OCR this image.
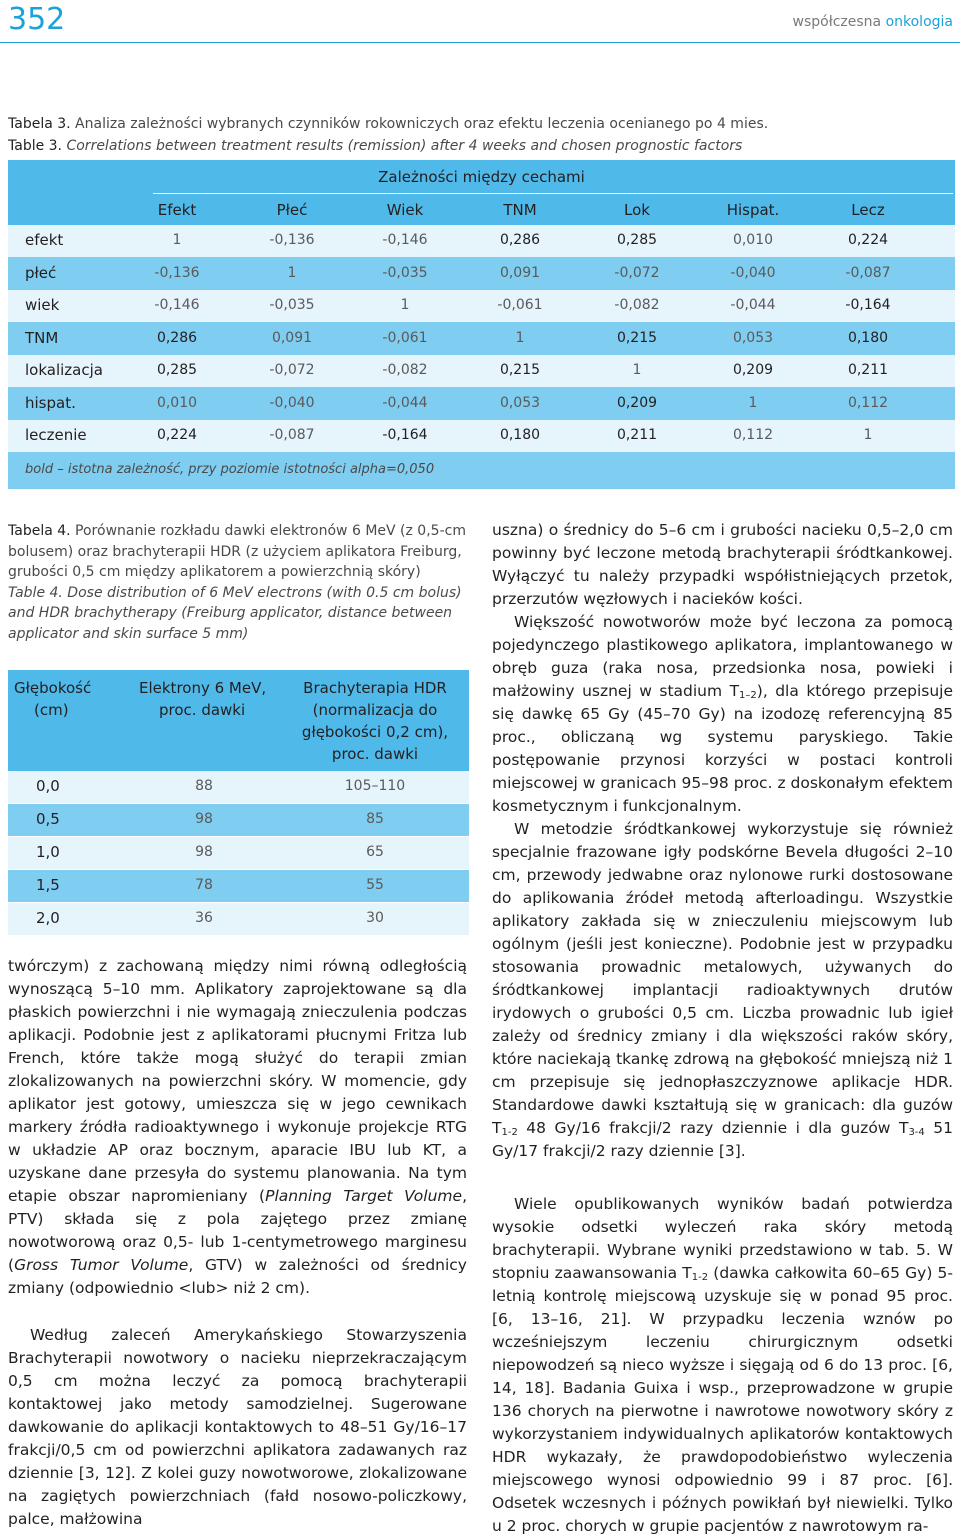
352	współczesna onkologia
Tabela 3. Analiza zależności wybranych czynników rokowniczych oraz efektu leczenia ocenianego po 4 mies.
Table 3. Correlations between treatment results (remission) after 4 weeks and chosen prognostic factors
Zależności między cechami
Efekt	Płeć	Wiek	TNM	Lok	Hispat.	Lecz
efekt	1	-0,136	-0,146	0,286	0,285	0,010	0,224
płeć	-0,136	1	-0,035	0,091	-0,072	-0,040	-0,087
wiek	-0,146	-0,035	1	-0,061	-0,082	-0,044	-0,164
TNM	0,286	0,091	-0,061	1	0,215	0,053	0,180
lokalizacja	0,285	-0,072	-0,082	0,215	1	0,209	0,211
hispat.	0,010	-0,040	-0,044	0,053	0,209	1	0,112
leczenie	0,224	-0,087	-0,164	0,180	0,211	0,112	1
bold – istotna zależność, przy poziomie istotności alpha=0,050
Tabela 4. Porównanie rozkładu dawki elektronów 6 MeV (z 0,5-cm bolusem) oraz brachyterapii HDR (z użyciem aplikatora Freiburg, grubości 0,5 cm między aplikatorem a powierzchnią skóry)
Table 4. Dose distribution of 6 MeV electrons (with 0.5 cm bolus) and HDR brachytherapy (Freiburg applicator, distance between applicator and skin surface 5 mm)
Głębokość
(cm)
Elektrony 6 MeV,
proc. dawki
Brachyterapia HDR
(normalizacja do
głębokości 0,2 cm),
proc. dawki
0,0	88	105–110
0,5	98	85
1,0	98	65
1,5	78	55
2,0	36	30

twórczym) z zachowaną między nimi równą odległością wynoszącą 5–10 mm. Aplikatory zaprojektowane są dla płaskich powierzchni i nie wymagają znieczulenia podczas aplikacji. Podobnie jest z aplikatorami płucnymi Fritza lub French, które także mogą służyć do terapii zmian zlokalizowanych na powierzchni skóry. W momencie, gdy aplikator jest gotowy, umieszcza się w jego cewnikach markery źródła radioaktywnego i wykonuje projekcje RTG w układzie AP oraz bocznym, aparacie IBU lub KT, a uzyskane dane przesyła do systemu planowania. Na tym etapie obszar napromieniany (Planning Target Volume, PTV) składa się z pola zajętego przez zmianę nowotworową oraz 0,5- lub 1-centymetrowego marginesu (Gross Tumor Volume, GTV) w zależności od średnicy zmiany (odpowiednio <lub> niż 2 cm).

Według zaleceń Amerykańskiego Stowarzyszenia Brachyterapii nowotwory o nacieku nieprzekraczającym 0,5 cm można leczyć za pomocą brachyterapii kontaktowej jako metody samodzielnej. Sugerowane dawkowanie do aplikacji kontaktowych to 48–51 Gy/16–17 frakcji/0,5 cm od powierzchni aplikatora zadawanych raz dziennie [3, 12]. Z kolei guzy nowotworowe, zlokalizowane na zagiętych powierzchniach (fałd nosowo-policzkowy, palce, małżowina

uszna) o średnicy do 5–6 cm i grubości nacieku 0,5–2,0 cm powinny być leczone metodą brachyterapii śródtkankowej. Wyłączyć tu należy przypadki współistniejących przetok, przerzutów węzłowych i nacieków kości.

Większość nowotworów może być leczona za pomocą pojedynczego plastikowego aplikatora, implantowanego w obręb guza (raka nosa, przedsionka nosa, powieki i małżowiny usznej w stadium $T_{1-2}$), dla którego przepisuje się dawkę 65 Gy (45–70 Gy) na izodozę referencyjną 85 proc., obliczaną wg systemu paryskiego. Takie postępowanie przynosi korzyści w postaci kontroli miejscowej w granicach 95–98 proc. z doskonałym efektem kosmetycznym i funkcjonalnym.

W metodzie śródtkankowej wykorzystuje się również specjalnie frazowane igły podskórne Bevela długości 2–10 cm, przewody jedwabne oraz nylonowe rurki dostosowane do aplikowania źródeł metodą afterloadingu. Wszystkie aplikatory zakłada się w znieczuleniu miejscowym lub ogólnym (jeśli jest konieczne). Podobnie jest w przypadku stosowania prowadnic metalowych, używanych do śródtkankowej implantacji radioaktywnych drutów irydowych o grubości 0,5 cm. Liczba prowadnic lub igieł zależy od średnicy zmiany i dla większości raków skóry, które naciekają tkankę zdrową na głębokość mniejszą niż 1 cm przepisuje się jednopłaszczyznowe aplikacje HDR. Standardowe dawki kształtują się w granicach: dla guzów $T_{1-2}$ 48 Gy/16 frakcji/2 razy dziennie i dla guzów $T_{3-4}$ 51 Gy/17 frakcji/2 razy dziennie [3].

Wiele opublikowanych wyników badań potwierdza wysokie odsetki wyleczeń raka skóry metodą brachyterapii. Wybrane wyniki przedstawiono w tab. 5. W stopniu zaawansowania $T_{1-2}$ (dawka całkowita 60–65 Gy) 5-letnią kontrolę miejscową uzyskuje się w ponad 95 proc. [6, 13–16, 21]. W przypadku leczenia wznów po wcześniejszym leczeniu chirurgicznym odsetki niepowodzeń są nieco wyższe i sięgają od 6 do 13 proc. [6, 14, 18]. Badania Guixa i wsp., przeprowadzone w grupie 136 chorych na pierwotne i nawrotowe nowotwory skóry z wykorzystaniem indywidualnych aplikatorów kontaktowych HDR wykazały, że prawdopodobieństwo wyleczenia miejscowego wynosi odpowiednio 99 i 87 proc. [6]. Odsetek wczesnych i późnych powikłań był niewielki. Tylko u 2 proc. chorych w grupie pacjentów z nawrotowym ra-
